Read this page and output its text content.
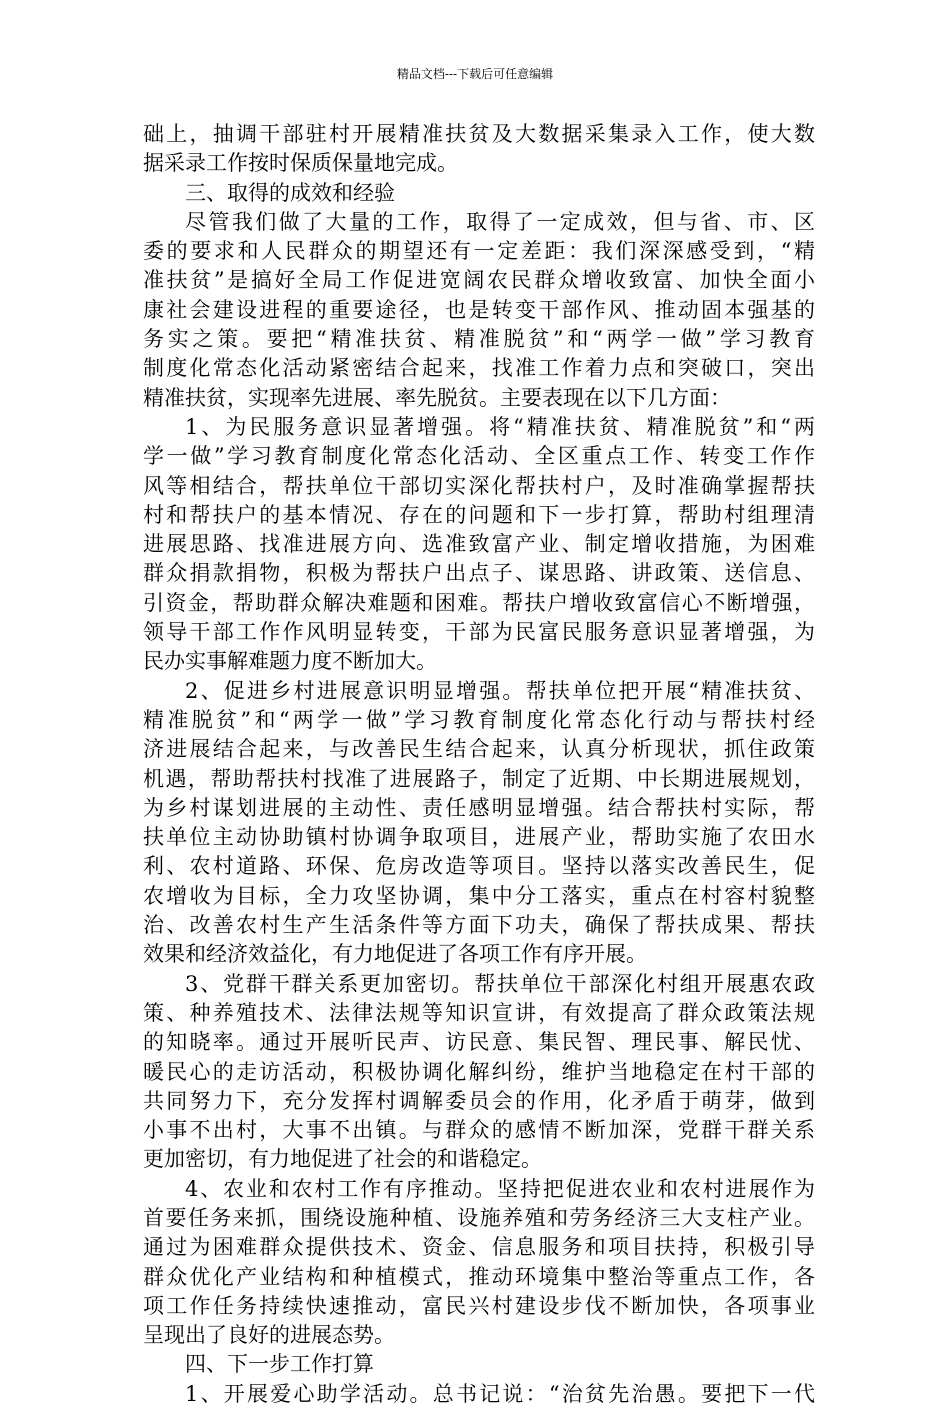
精品文档---下载后可任意编辑
础上，抽调干部驻村开展精准扶贫及大数据采集录入工作，使大数
据采录工作按时保质保量地完成。
三、取得的成效和经验
尽管我们做了大量的工作，取得了一定成效，但与省、市、区
委的要求和人民群众的期望还有一定差距：我们深深感受到，“精
准扶贫”是搞好全局工作促进宽阔农民群众增收致富、加快全面小
康社会建设进程的重要途径，也是转变干部作风、推动固本强基的
务实之策。要把“精准扶贫、精准脱贫”和“两学一做”学习教育
制度化常态化活动紧密结合起来，找准工作着力点和突破口，突出
精准扶贫，实现率先进展、率先脱贫。主要表现在以下几方面：
1、为民服务意识显著增强。将“精准扶贫、精准脱贫”和“两
学一做”学习教育制度化常态化活动、全区重点工作、转变工作作
风等相结合，帮扶单位干部切实深化帮扶村户，及时准确掌握帮扶
村和帮扶户的基本情况、存在的问题和下一步打算，帮助村组理清
进展思路、找准进展方向、选准致富产业、制定增收措施，为困难
群众捐款捐物，积极为帮扶户出点子、谋思路、讲政策、送信息、
引资金，帮助群众解决难题和困难。帮扶户增收致富信心不断增强，
领导干部工作作风明显转变，干部为民富民服务意识显著增强，为
民办实事解难题力度不断加大。
2、促进乡村进展意识明显增强。帮扶单位把开展“精准扶贫、
精准脱贫”和“两学一做”学习教育制度化常态化行动与帮扶村经
济进展结合起来，与改善民生结合起来，认真分析现状，抓住政策
机遇，帮助帮扶村找准了进展路子，制定了近期、中长期进展规划，
为乡村谋划进展的主动性、责任感明显增强。结合帮扶村实际，帮
扶单位主动协助镇村协调争取项目，进展产业，帮助实施了农田水
利、农村道路、环保、危房改造等项目。坚持以落实改善民生，促
农增收为目标，全力攻坚协调，集中分工落实，重点在村容村貌整
治、改善农村生产生活条件等方面下功夫，确保了帮扶成果、帮扶
效果和经济效益化，有力地促进了各项工作有序开展。
3、党群干群关系更加密切。帮扶单位干部深化村组开展惠农政
策、种养殖技术、法律法规等知识宣讲，有效提高了群众政策法规
的知晓率。通过开展听民声、访民意、集民智、理民事、解民忧、
暖民心的走访活动，积极协调化解纠纷，维护当地稳定在村干部的
共同努力下，充分发挥村调解委员会的作用，化矛盾于萌芽，做到
小事不出村，大事不出镇。与群众的感情不断加深，党群干群关系
更加密切，有力地促进了社会的和谐稳定。
4、农业和农村工作有序推动。坚持把促进农业和农村进展作为
首要任务来抓，围绕设施种植、设施养殖和劳务经济三大支柱产业。
通过为困难群众提供技术、资金、信息服务和项目扶持，积极引导
群众优化产业结构和种植模式，推动环境集中整治等重点工作，各
项工作任务持续快速推动，富民兴村建设步伐不断加快，各项事业
呈现出了良好的进展态势。
四、下一步工作打算
1、开展爱心助学活动。总书记说：“治贫先治愚。要把下一代
